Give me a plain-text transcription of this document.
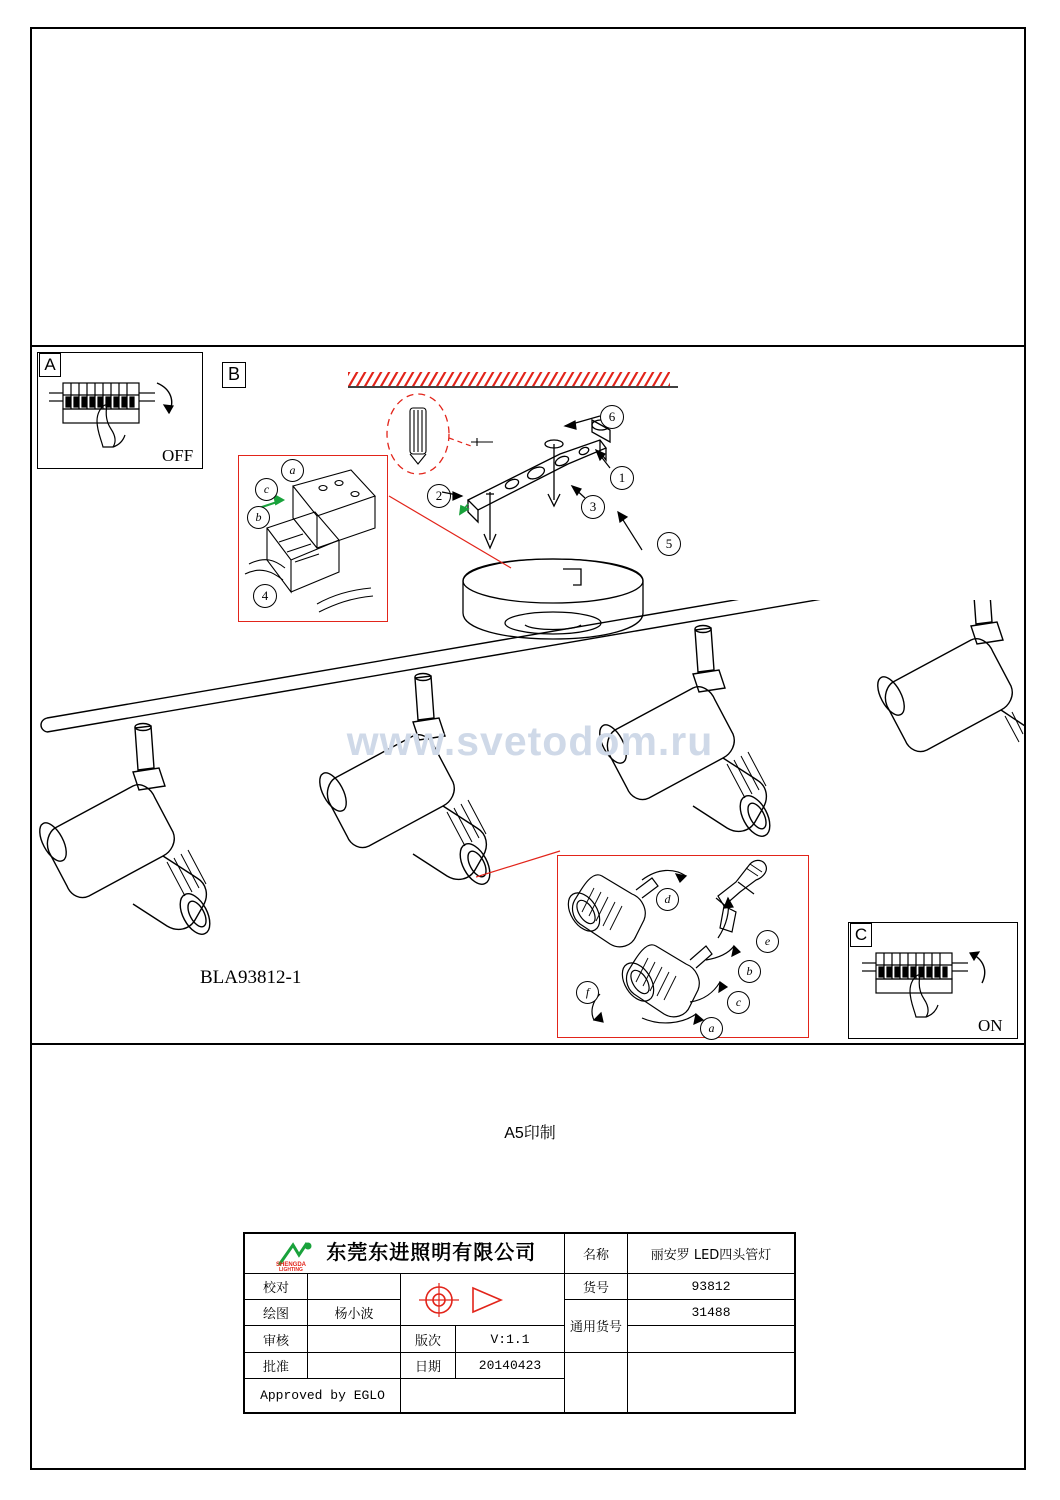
A
OFF
B
a
c
b
4
6
1
3
2
5
www.svetodom.ru
BLA93812-1
d
e
b
c
a
f
C
ON
A5印制
SHENGDA
LIGHTING
东莞东进照明有限公司				名称	丽安罗 LED四头管灯
校对				货号	93812
绘图	杨小波			通用货号	31488
审核		版次	V:1.1		
批准		日期	20140423		
Approved by EGLO					
